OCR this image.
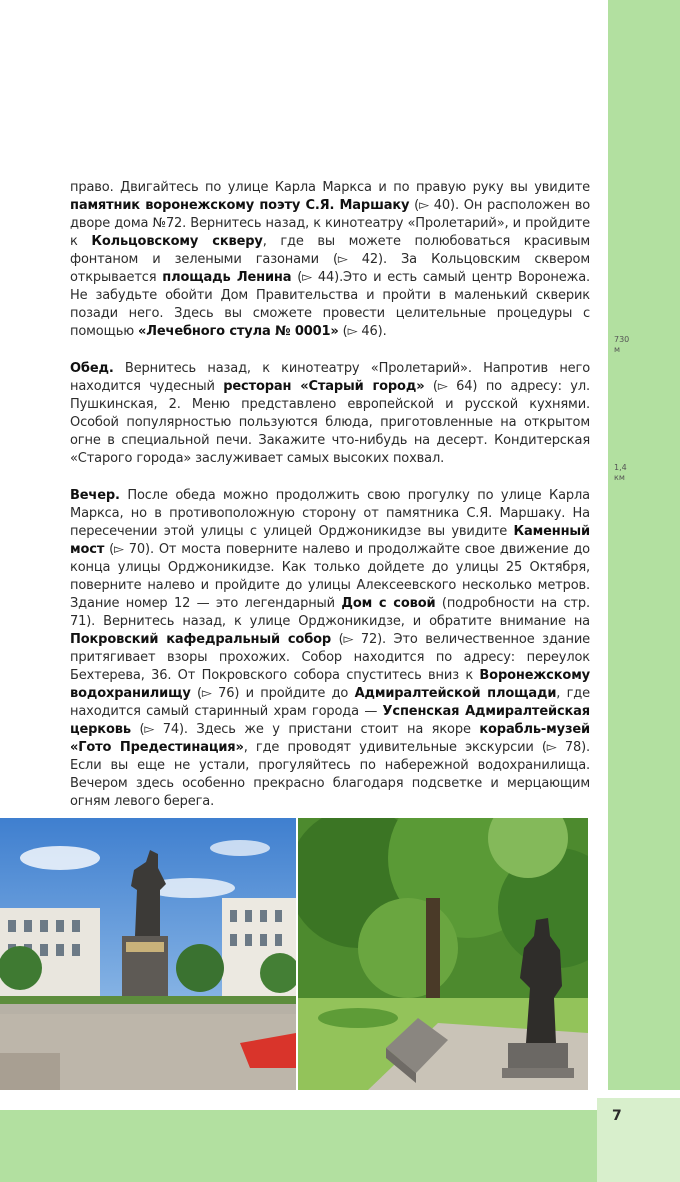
730
м
1,4
км
7
право. Двигайтесь по улице Карла Маркса и по правую руку вы увидите памятник воронежскому поэту С.Я. Маршаку (▻ 40). Он расположен во дворе дома №72. Вернитесь назад, к кинотеатру «Пролетарий», и пройдите к Кольцовскому скверу, где вы можете полюбоваться красивым фонтаном и зелеными газонами (▻ 42). За Кольцовским сквером открывается площадь Ленина (▻ 44).Это и есть самый центр Воронежа. Не забудьте обойти Дом Правительства и пройти в маленький скверик позади него. Здесь вы сможете провести целительные процедуры с помощью «Лечебного стула № 0001» (▻ 46).
Обед. Вернитесь назад, к кинотеатру «Пролетарий». Напротив него находится чудесный ресторан «Старый город» (▻ 64) по адресу: ул. Пушкинская, 2. Меню представлено европейской и русской кухнями. Особой популярностью пользуются блюда, приготовленные на открытом огне в специальной печи. Закажите что-нибудь на десерт. Кондитерская «Старого города» заслуживает самых высоких похвал.
Вечер. После обеда можно продолжить свою прогулку по улице Карла Маркса, но в противоположную сторону от памятника С.Я. Маршаку. На пересечении этой улицы с улицей Орджоникидзе вы увидите Каменный мост (▻ 70). От моста поверните налево и продолжайте свое движение до конца улицы Орджоникидзе. Как только дойдете до улицы 25 Октября, поверните налево и пройдите до улицы Алексеевского несколько метров. Здание номер 12 — это легендарный Дом с совой (подробности на стр. 71). Вернитесь назад, к улице Орджоникидзе, и обратите внимание на Покровский кафедральный собор (▻ 72). Это величественное здание притягивает взоры прохожих. Собор находится по адресу: переулок Бехтерева, 36. От Покровского собора спуститесь вниз к Воронежскому водохранилищу (▻ 76) и пройдите до Адмиралтейской площади, где находится самый старинный храм города — Успенская Адмиралтейская церковь (▻ 74). Здесь же у пристани стоит на якоре корабль-музей «Гото Предестинация», где проводят удивительные экскурсии (▻ 78). Если вы еще не устали, прогуляйтесь по набережной водохранилища. Вечером здесь особенно прекрасно благодаря подсветке и мерцающим огням левого берега.
